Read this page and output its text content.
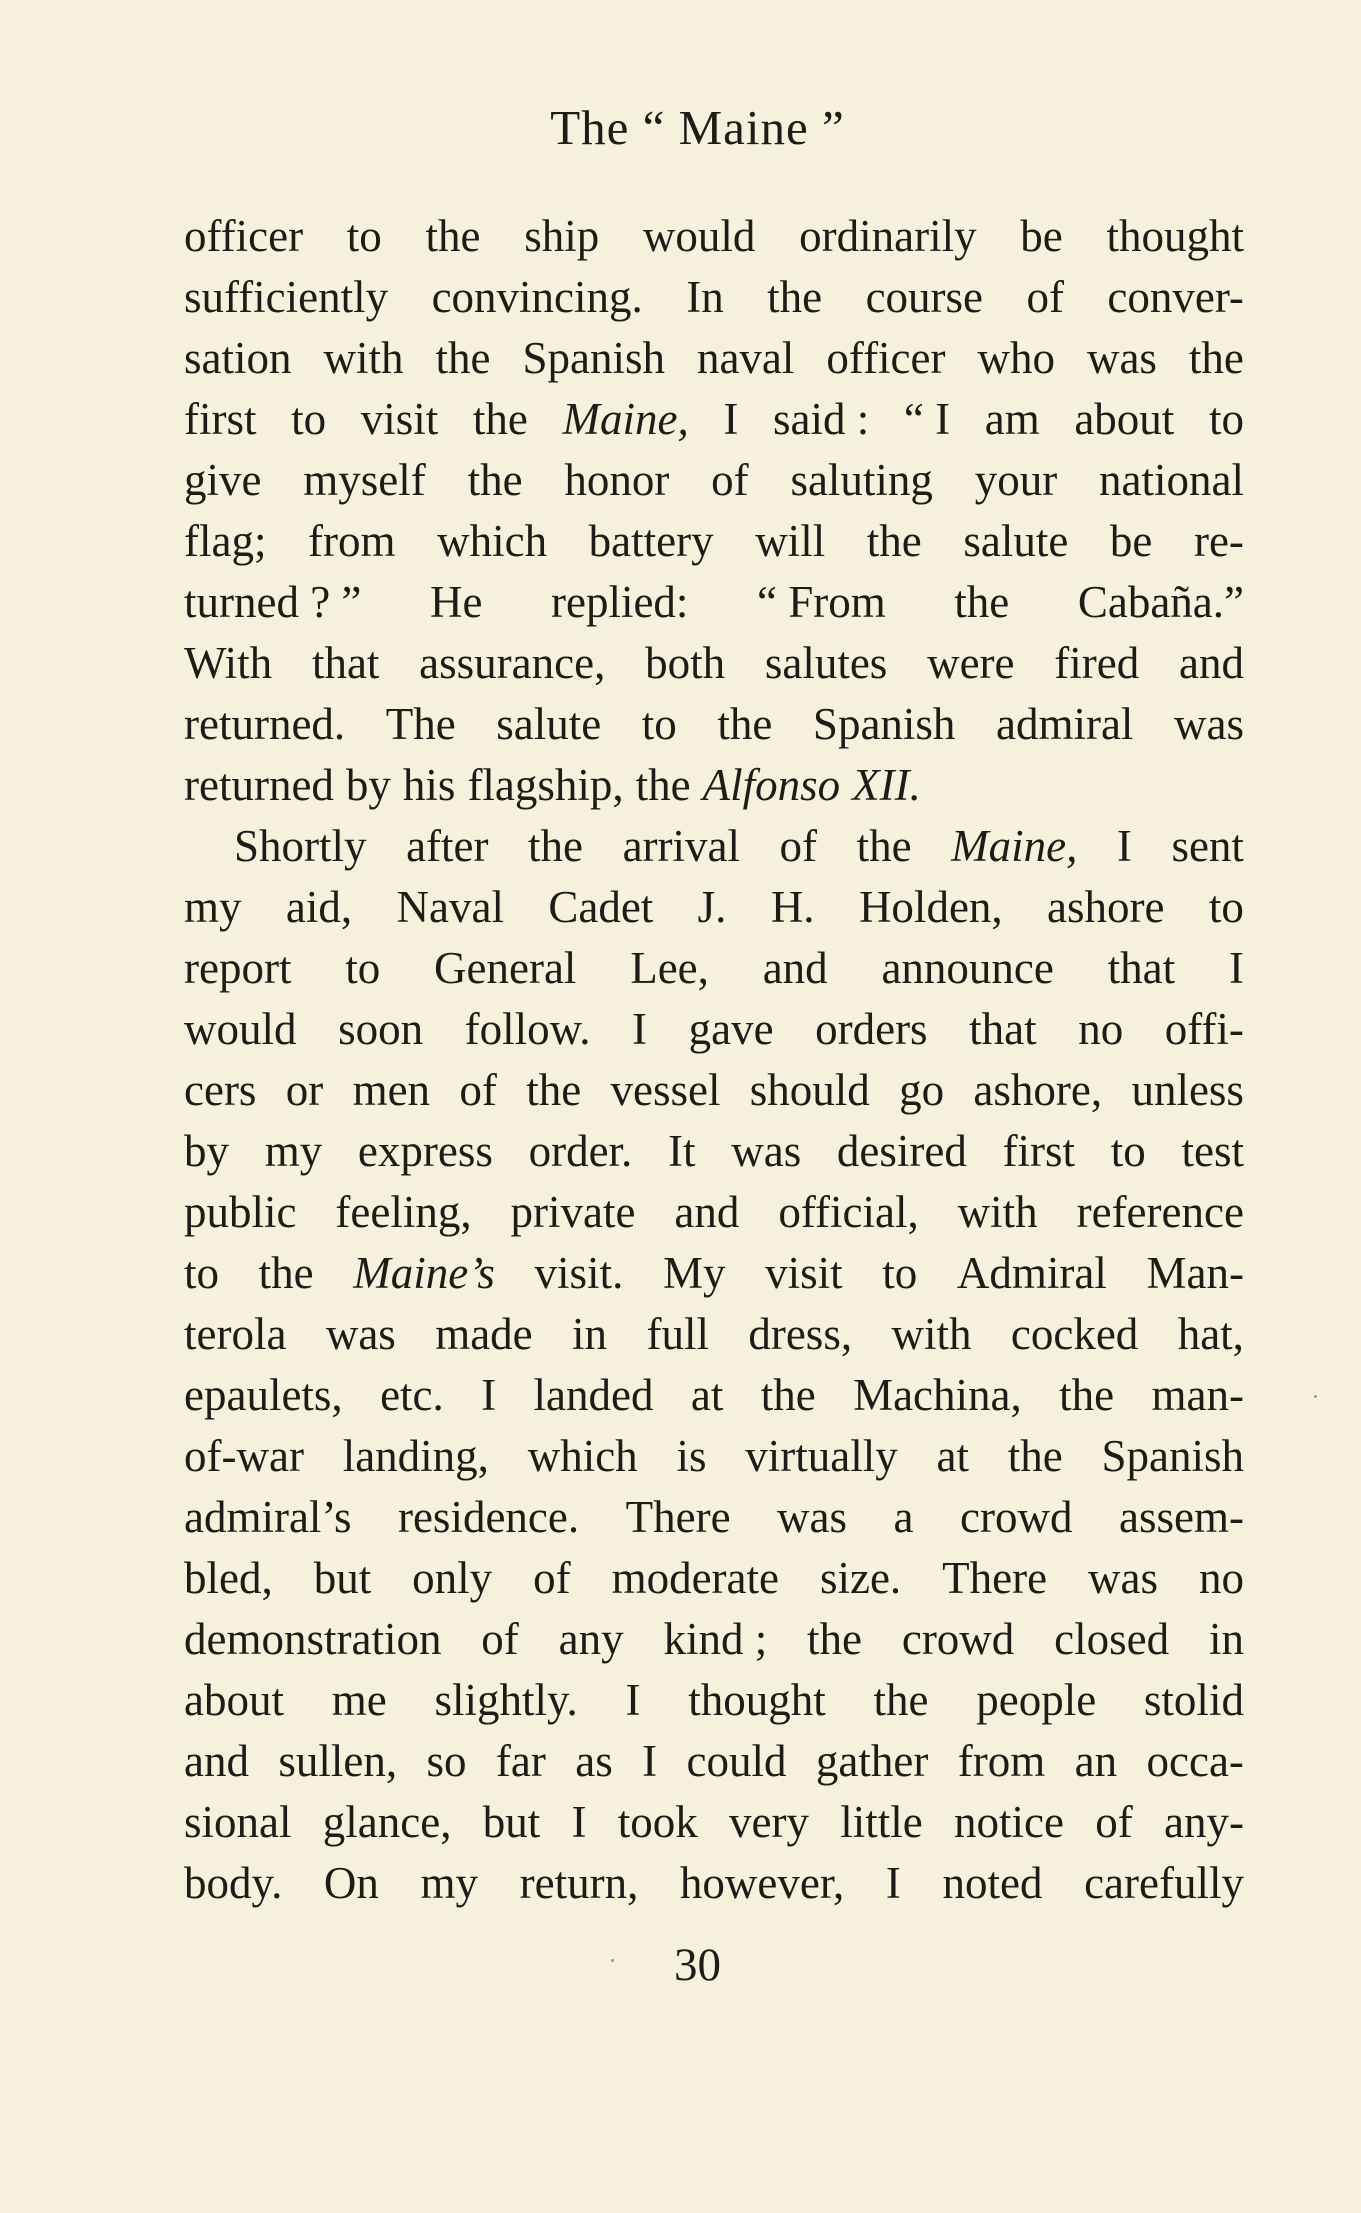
The “ Maine ”
officer to the ship would ordinarily be thought
sufficiently convincing. In the course of conver-
sation with the Spanish naval officer who was the
first to visit the Maine, I said : “ I am about to
give myself the honor of saluting your national
flag; from which battery will the salute be re-
turned ? ” He replied: “ From the Cabaña.”
With that assurance, both salutes were fired and
returned. The salute to the Spanish admiral was
returned by his flagship, the Alfonso XII.
Shortly after the arrival of the Maine, I sent
my aid, Naval Cadet J. H. Holden, ashore to
report to General Lee, and announce that I
would soon follow. I gave orders that no offi-
cers or men of the vessel should go ashore, unless
by my express order. It was desired first to test
public feeling, private and official, with reference
to the Maine’s visit. My visit to Admiral Man-
terola was made in full dress, with cocked hat,
epaulets, etc. I landed at the Machina, the man-
of-war landing, which is virtually at the Spanish
admiral’s residence. There was a crowd assem-
bled, but only of moderate size. There was no
demonstration of any kind ; the crowd closed in
about me slightly. I thought the people stolid
and sullen, so far as I could gather from an occa-
sional glance, but I took very little notice of any-
body. On my return, however, I noted carefully
30
